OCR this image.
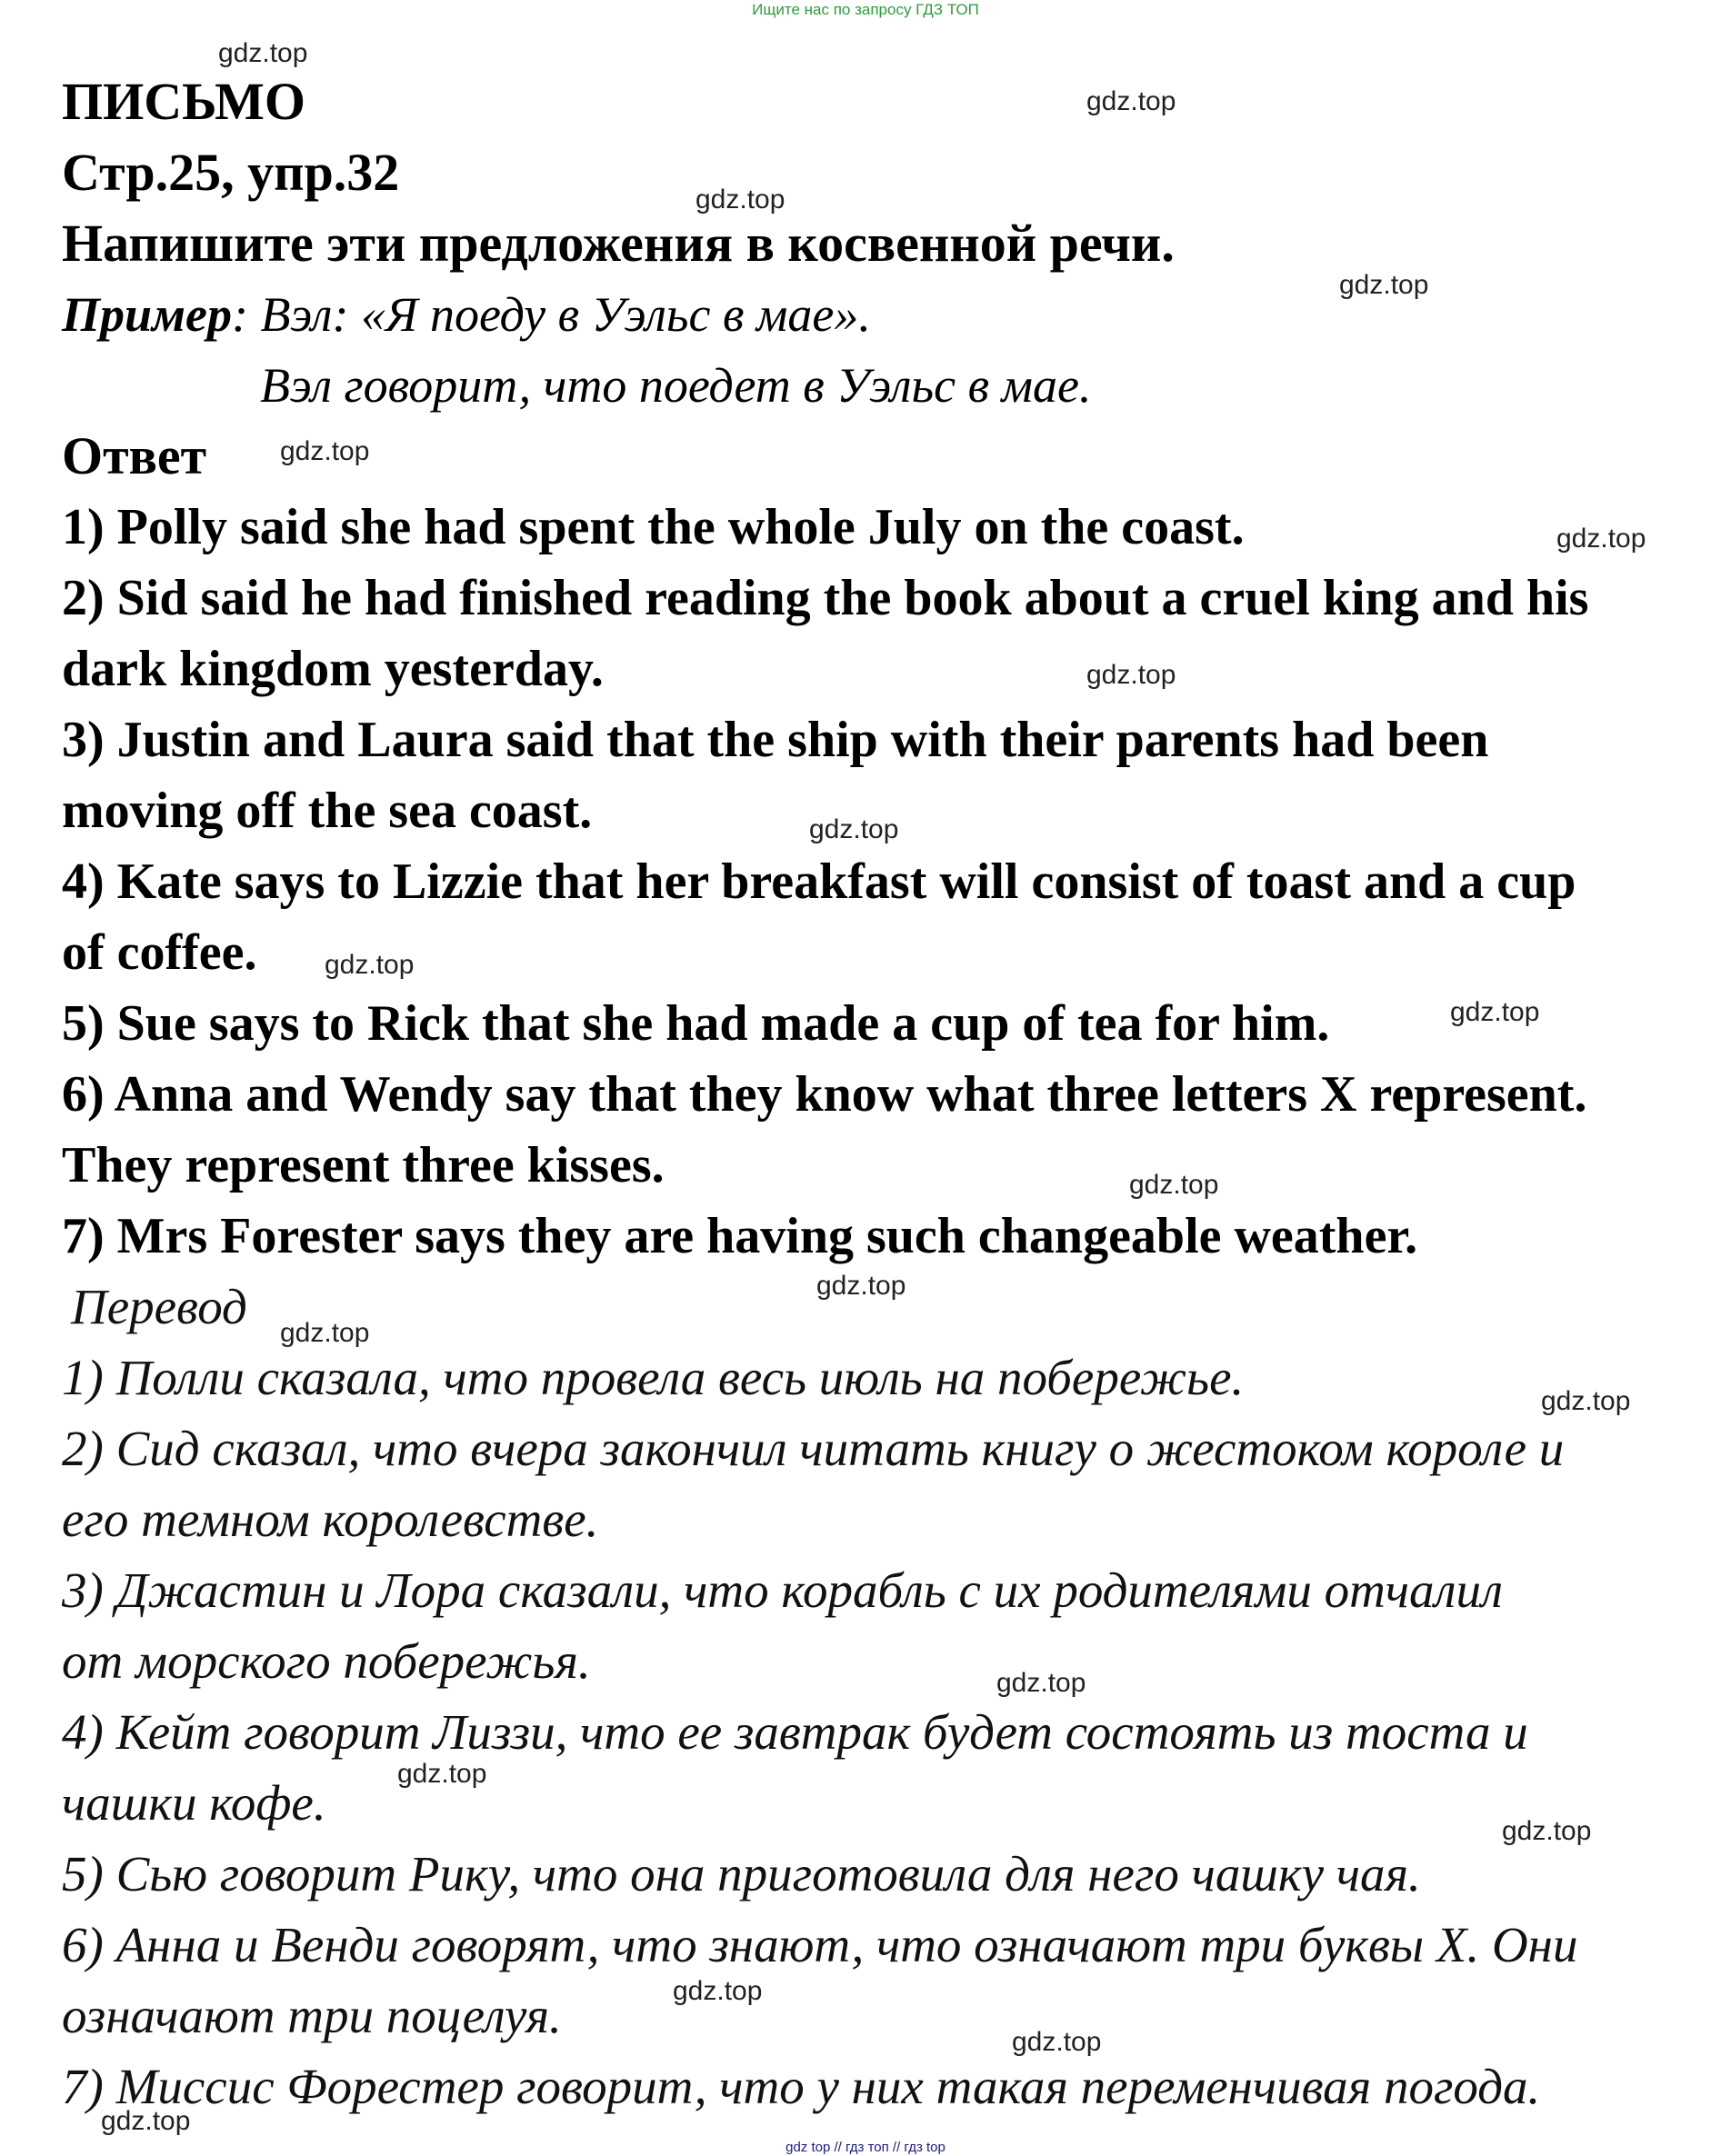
Ищите нас по запросу ГДЗ ТОП
ПИСЬМО
Стр.25, упр.32
Напишите эти предложения в косвенной речи.
Пример: Вэл: «Я поеду в Уэльс в мае».
Вэл говорит, что поедет в Уэльс в мае.
Ответ
1) Polly said she had spent the whole July on the coast.
2) Sid said he had finished reading the book about a cruel king and his
dark kingdom yesterday.
3) Justin and Laura said that the ship with their parents had been
moving off the sea coast.
4) Kate says to Lizzie that her breakfast will consist of toast and a cup
of coffee.
5) Sue says to Rick that she had made a cup of tea for him.
6) Anna and Wendy say that they know what three letters X represent.
They represent three kisses.
7) Mrs Forester says they are having such changeable weather.
Перевод
1) Полли сказала, что провела весь июль на побережье.
2) Сид сказал, что вчера закончил читать книгу о жестоком короле и
его темном королевстве.
3) Джастин и Лора сказали, что корабль с их родителями отчалил
от морского побережья.
4) Кейт говорит Лиззи, что ее завтрак будет состоять из тоста и
чашки кофе.
5) Сью говорит Рику, что она приготовила для него чашку чая.
6) Анна и Венди говорят, что знают, что означают три буквы X. Они
означают три поцелуя.
7) Миссис Форестер говорит, что у них такая переменчивая погода.
gdz.top
gdz.top
gdz.top
gdz.top
gdz.top
gdz.top
gdz.top
gdz.top
gdz.top
gdz.top
gdz.top
gdz.top
gdz.top
gdz.top
gdz.top
gdz.top
gdz.top
gdz.top
gdz.top
gdz.top
gdz top // гдз топ // гдз top
